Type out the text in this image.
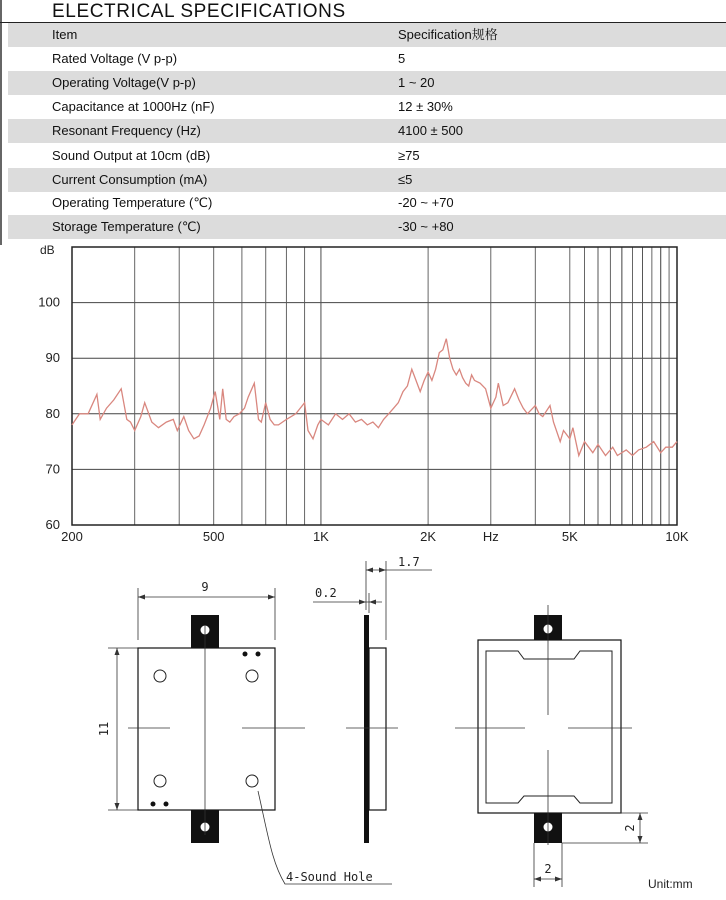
ELECTRICAL SPECIFICATIONS
Item	Specification规格
Rated Voltage (V p-p)	5
Operating Voltage(V p-p)	1 ~ 20
Capacitance at 1000Hz (nF)	12 ± 30%
Resonant Frequency (Hz)	4100 ± 500
Sound Output at 10cm (dB)	≥75
Current Consumption (mA)	≤5
Operating Temperature (℃)	-20 ~ +70
Storage Temperature (℃)	-30 ~ +80
60
70
80
90
100
dB
200	500	1K	2K	Hz	5K	10K
9
11
4-Sound Hole
1.7
0.2
2
2
Unit:mm
